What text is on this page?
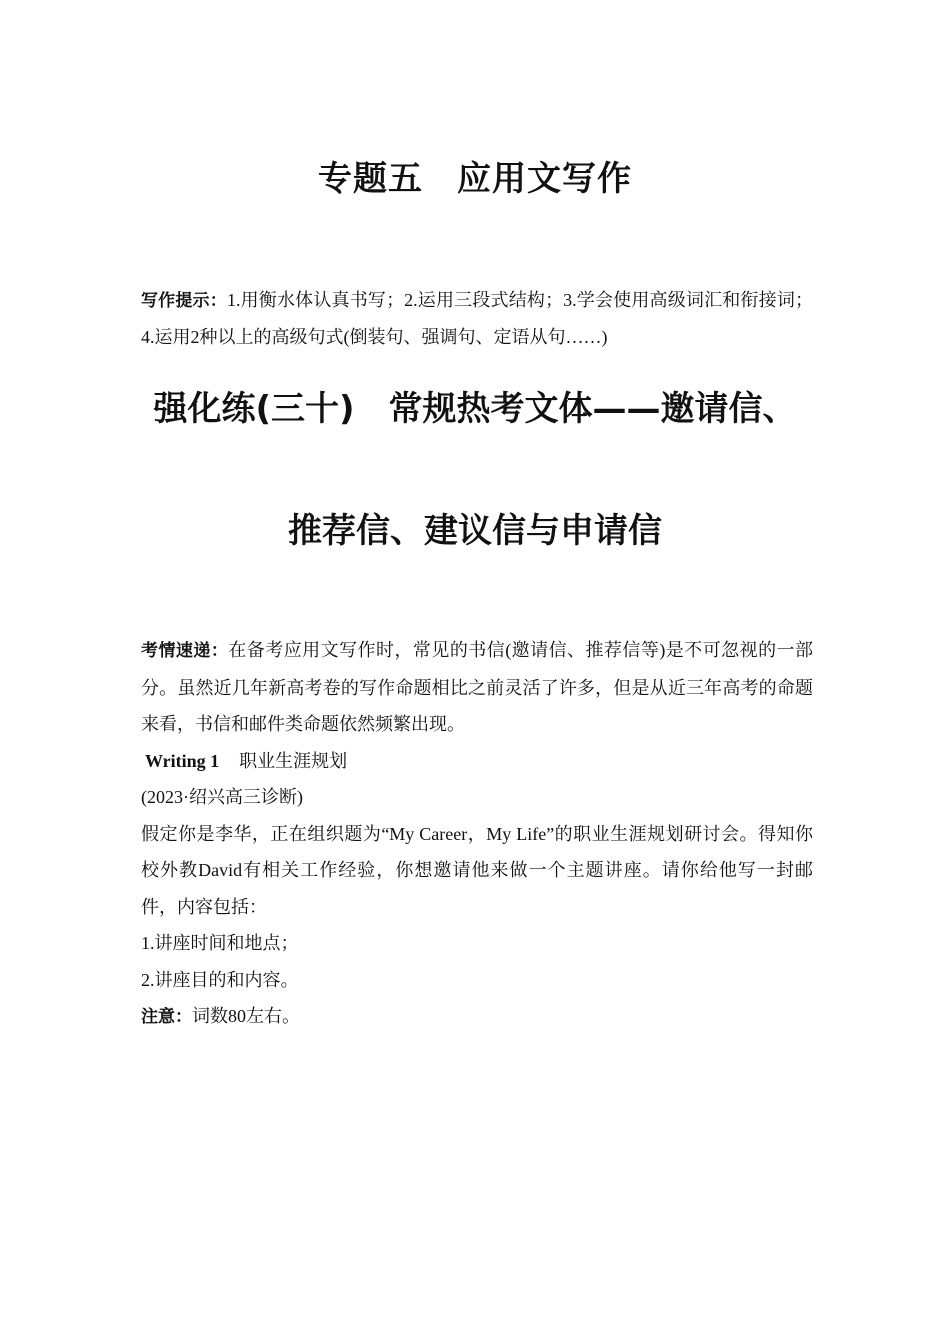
专题五 应用文写作
写作提示：1.用衡水体认真书写；2.运用三段式结构；3.学会使用高级词汇和衔接词；4.运用2种以上的高级句式(倒装句、强调句、定语从句……)
强化练(三十) 常规热考文体——邀请信、
推荐信、建议信与申请信

考情速递：在备考应用文写作时，常见的书信(邀请信、推荐信等)是不可忽视的一部分。虽然近几年新高考卷的写作命题相比之前灵活了许多，但是从近三年高考的命题来看，书信和邮件类命题依然频繁出现。

Writing 1 职业生涯规划

(2023·绍兴高三诊断)

假定你是李华，正在组织题为“My Career，My Life”的职业生涯规划研讨会。得知你校外教David有相关工作经验，你想邀请他来做一个主题讲座。请你给他写一封邮件，内容包括：

1.讲座时间和地点；

2.讲座目的和内容。

注意：词数80左右。
